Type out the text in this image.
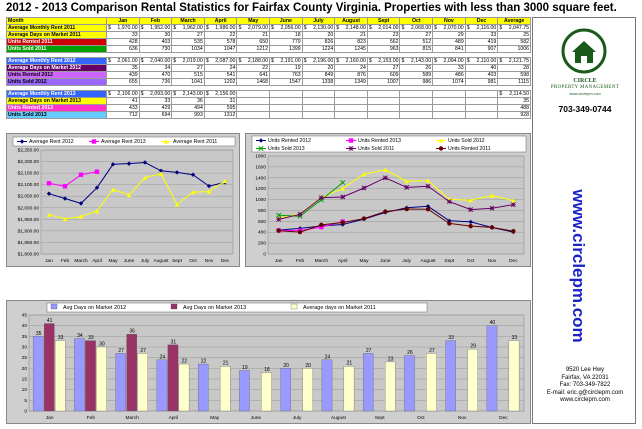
2012 - 2013 Comparison Rental Statistics for Fairfax County Virginia. Properties with less than 3000 square feet.
Month	Jan	Feb	March	April	May	June	July	August	Sept	Oct	Nov	Dec	Average
Average Monthly Rent 2011	$ 1,970.00	$ 1,952.00	$ 1,962.00	$ 1,986.00	$ 2,079.00	$ 2,056.00	$ 2,130.00	$ 2,148.00	$ 2,014.00	$ 2,068.00	$ 2,070.00	$ 2,116.00	$ 2,047.75
Average Days on Market 2011	33	30	27	22	21	18	20	21	23	27	29	33	25
Units Rented 2011	428	403	535	578	650	779	826	823	562	512	489	419	582
Units Sold 2011	636	730	1034	1047	1212	1399	1224	1245	963	815	841	907	1006

Average Monthly Rent 2012	$ 2,061.00	$ 2,040.00	$ 2,019.00	$ 2,087.00	$ 2,188.00	$ 2,191.00	$ 2,196.00	$ 2,160.00	$ 2,153.00	$ 2,143.00	$ 2,094.00	$ 2,110.00	$ 2,121.75
Average Days on Market 2012	35	34	27	24	22	19	20	24	27	26	33	40	28
Units Rented 2012	439	470	515	541	641	763	849	876	609	589	486	403	598
Units Sold 2012	655	736	1041	1202	1468	1547	1338	1349	1007	986	1074	981	1115

Average Monthly Rent 2013	$ 2,106.00	$ 2,093.00	$ 2,143.00	$ 2,156.00									$ 2,114.50
Average Days on Market 2013	41	33	36	31									35
Units Rented 2013	433	429	494	595									488
Units Sold 2013	712	694	993	1312									928
$2,250.00
$2,200.00
$2,150.00
$2,100.00
$2,050.00
$2,000.00
$1,950.00
$1,900.00
$1,850.00
$1,800.00
Jan Feb March April May June July August Sept Oct Nov Dec
Average Rent 2012	Average Rent 2013	Average Rent 2011
1800
1600
1400
1200
1000
800
600
400
200
0
Jan	Feb March April May June July August Sept	Oct	Nov	Dec
Units Rented 2012	Units Rented 2013	Units Sold 2012
Units Sold 2013	Units Sold 2011	Units Rented 2011
45
40
35
30
25
20
15
10
5
0
Jan	Feb	March	April	May	June	July	August	Sept	Oct	Nov	Dec
Avg Days on Market 2012	Avg Days on Market 2013	Average days on Market 2011
35	34
27
24
22
19	20
24
27	26
33
40
41
33
36
31
33
30
27
22	21
18
20	21
23
27
29
33
CIRCLE
PROPERTY MANAGEMENT
www.circlepm.com
703-349-0744
www.circlepm.com
9520 Lee Hwy
Fairfax, VA 22031
Fax: 703-349-7822
E-mail: eric.g@circlepm.com
www.circlepm.com
